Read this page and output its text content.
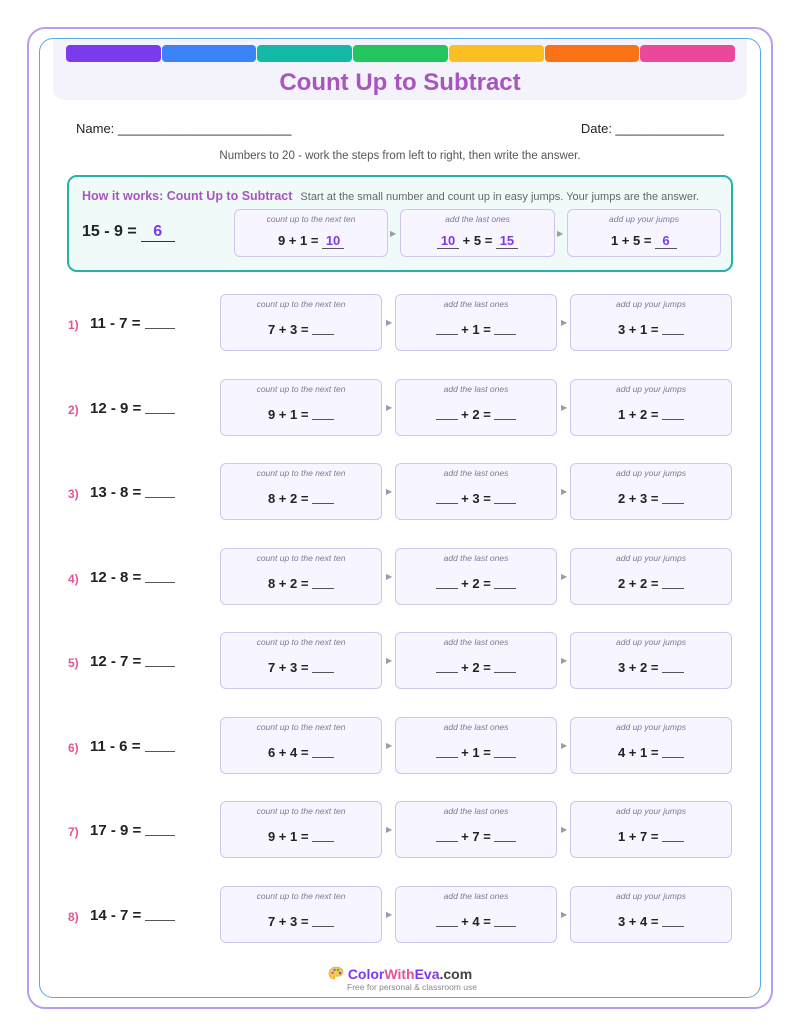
Count Up to Subtract
Name: ________________________	Date: _______________
Numbers to 20 - work the steps from left to right, then write the answer.
How it works: Count Up to Subtract Start at the small number and count up in easy jumps. Your jumps are the answer.
15 - 9 = 6
count up to the next ten
9 + 1 = 10	▶
add the last ones
10 + 5 = 15	▶
add up your jumps
1 + 5 = 6
1) 11 - 7 =
count up to the next ten
7 + 3 =	▶
add the last ones
+ 1 =	▶
add up your jumps
3 + 1 =
2) 12 - 9 =
count up to the next ten
9 + 1 =	▶
add the last ones
+ 2 =	▶
add up your jumps
1 + 2 =
3) 13 - 8 =
count up to the next ten
8 + 2 =	▶
add the last ones
+ 3 =	▶
add up your jumps
2 + 3 =
4) 12 - 8 =
count up to the next ten
8 + 2 =	▶
add the last ones
+ 2 =	▶
add up your jumps
2 + 2 =
5) 12 - 7 =
count up to the next ten
7 + 3 =	▶
add the last ones
+ 2 =	▶
add up your jumps
3 + 2 =
6) 11 - 6 =
count up to the next ten
6 + 4 =	▶
add the last ones
+ 1 =	▶
add up your jumps
4 + 1 =
7) 17 - 9 =
count up to the next ten
9 + 1 =	▶
add the last ones
+ 7 =	▶
add up your jumps
1 + 7 =
8) 14 - 7 =
count up to the next ten
7 + 3 =	▶
add the last ones
+ 4 =	▶
add up your jumps
3 + 4 =
ColorWithEva.com
Free for personal & classroom use
